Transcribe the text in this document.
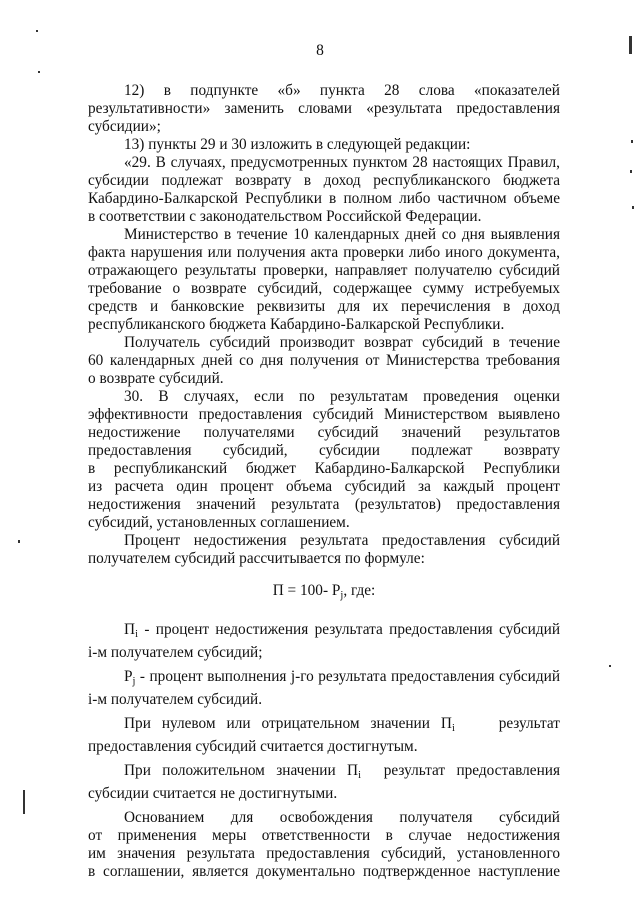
8

12) в подпункте «б» пункта 28 слова «показателей

результативности» заменить словами «результата предоставления

субсидии»;

13) пункты 29 и 30 изложить в следующей редакции:

«29. В случаях, предусмотренных пунктом 28 настоящих Правил,

субсидии подлежат возврату в доход республиканского бюджета

Кабардино-Балкарской Республики в полном либо частичном объеме

в соответствии с законодательством Российской Федерации.

Министерство в течение 10 календарных дней со дня выявления

факта нарушения или получения акта проверки либо иного документа,

отражающего результаты проверки, направляет получателю субсидий

требование о возврате субсидий, содержащее сумму истребуемых

средств и банковские реквизиты для их перечисления в доход

республиканского бюджета Кабардино-Балкарской Республики.

Получатель субсидий производит возврат субсидий в течение

60 календарных дней со дня получения от Министерства требования

о возврате субсидий.

30. В случаях, если по результатам проведения оценки

эффективности предоставления субсидий Министерством выявлено

недостижение получателями субсидий значений результатов

предоставления субсидий, субсидии подлежат возврату

в республиканский бюджет Кабардино-Балкарской Республики

из расчета один процент объема субсидий за каждый процент

недостижения значений результата (результатов) предоставления

субсидий, установленных соглашением.

Процент недостижения результата предоставления субсидий

получателем субсидий рассчитывается по формуле:

П = 100- $P_j$, где:

$П_i$ - процент недостижения результата предоставления субсидий

i-м получателем субсидий;

$P_j$ - процент выполнения j-го результата предоставления субсидий

i-м получателем субсидий.

При нулевом или отрицательном значении $П_i$	результат

предоставления субсидий считается достигнутым.

При положительном значении $П_i$ результат предоставления

субсидии считается не достигнутыми.

Основанием для освобождения получателя субсидий

от применения меры ответственности в случае недостижения

им значения результата предоставления субсидий, установленного

в соглашении, является документально подтвержденное наступление
